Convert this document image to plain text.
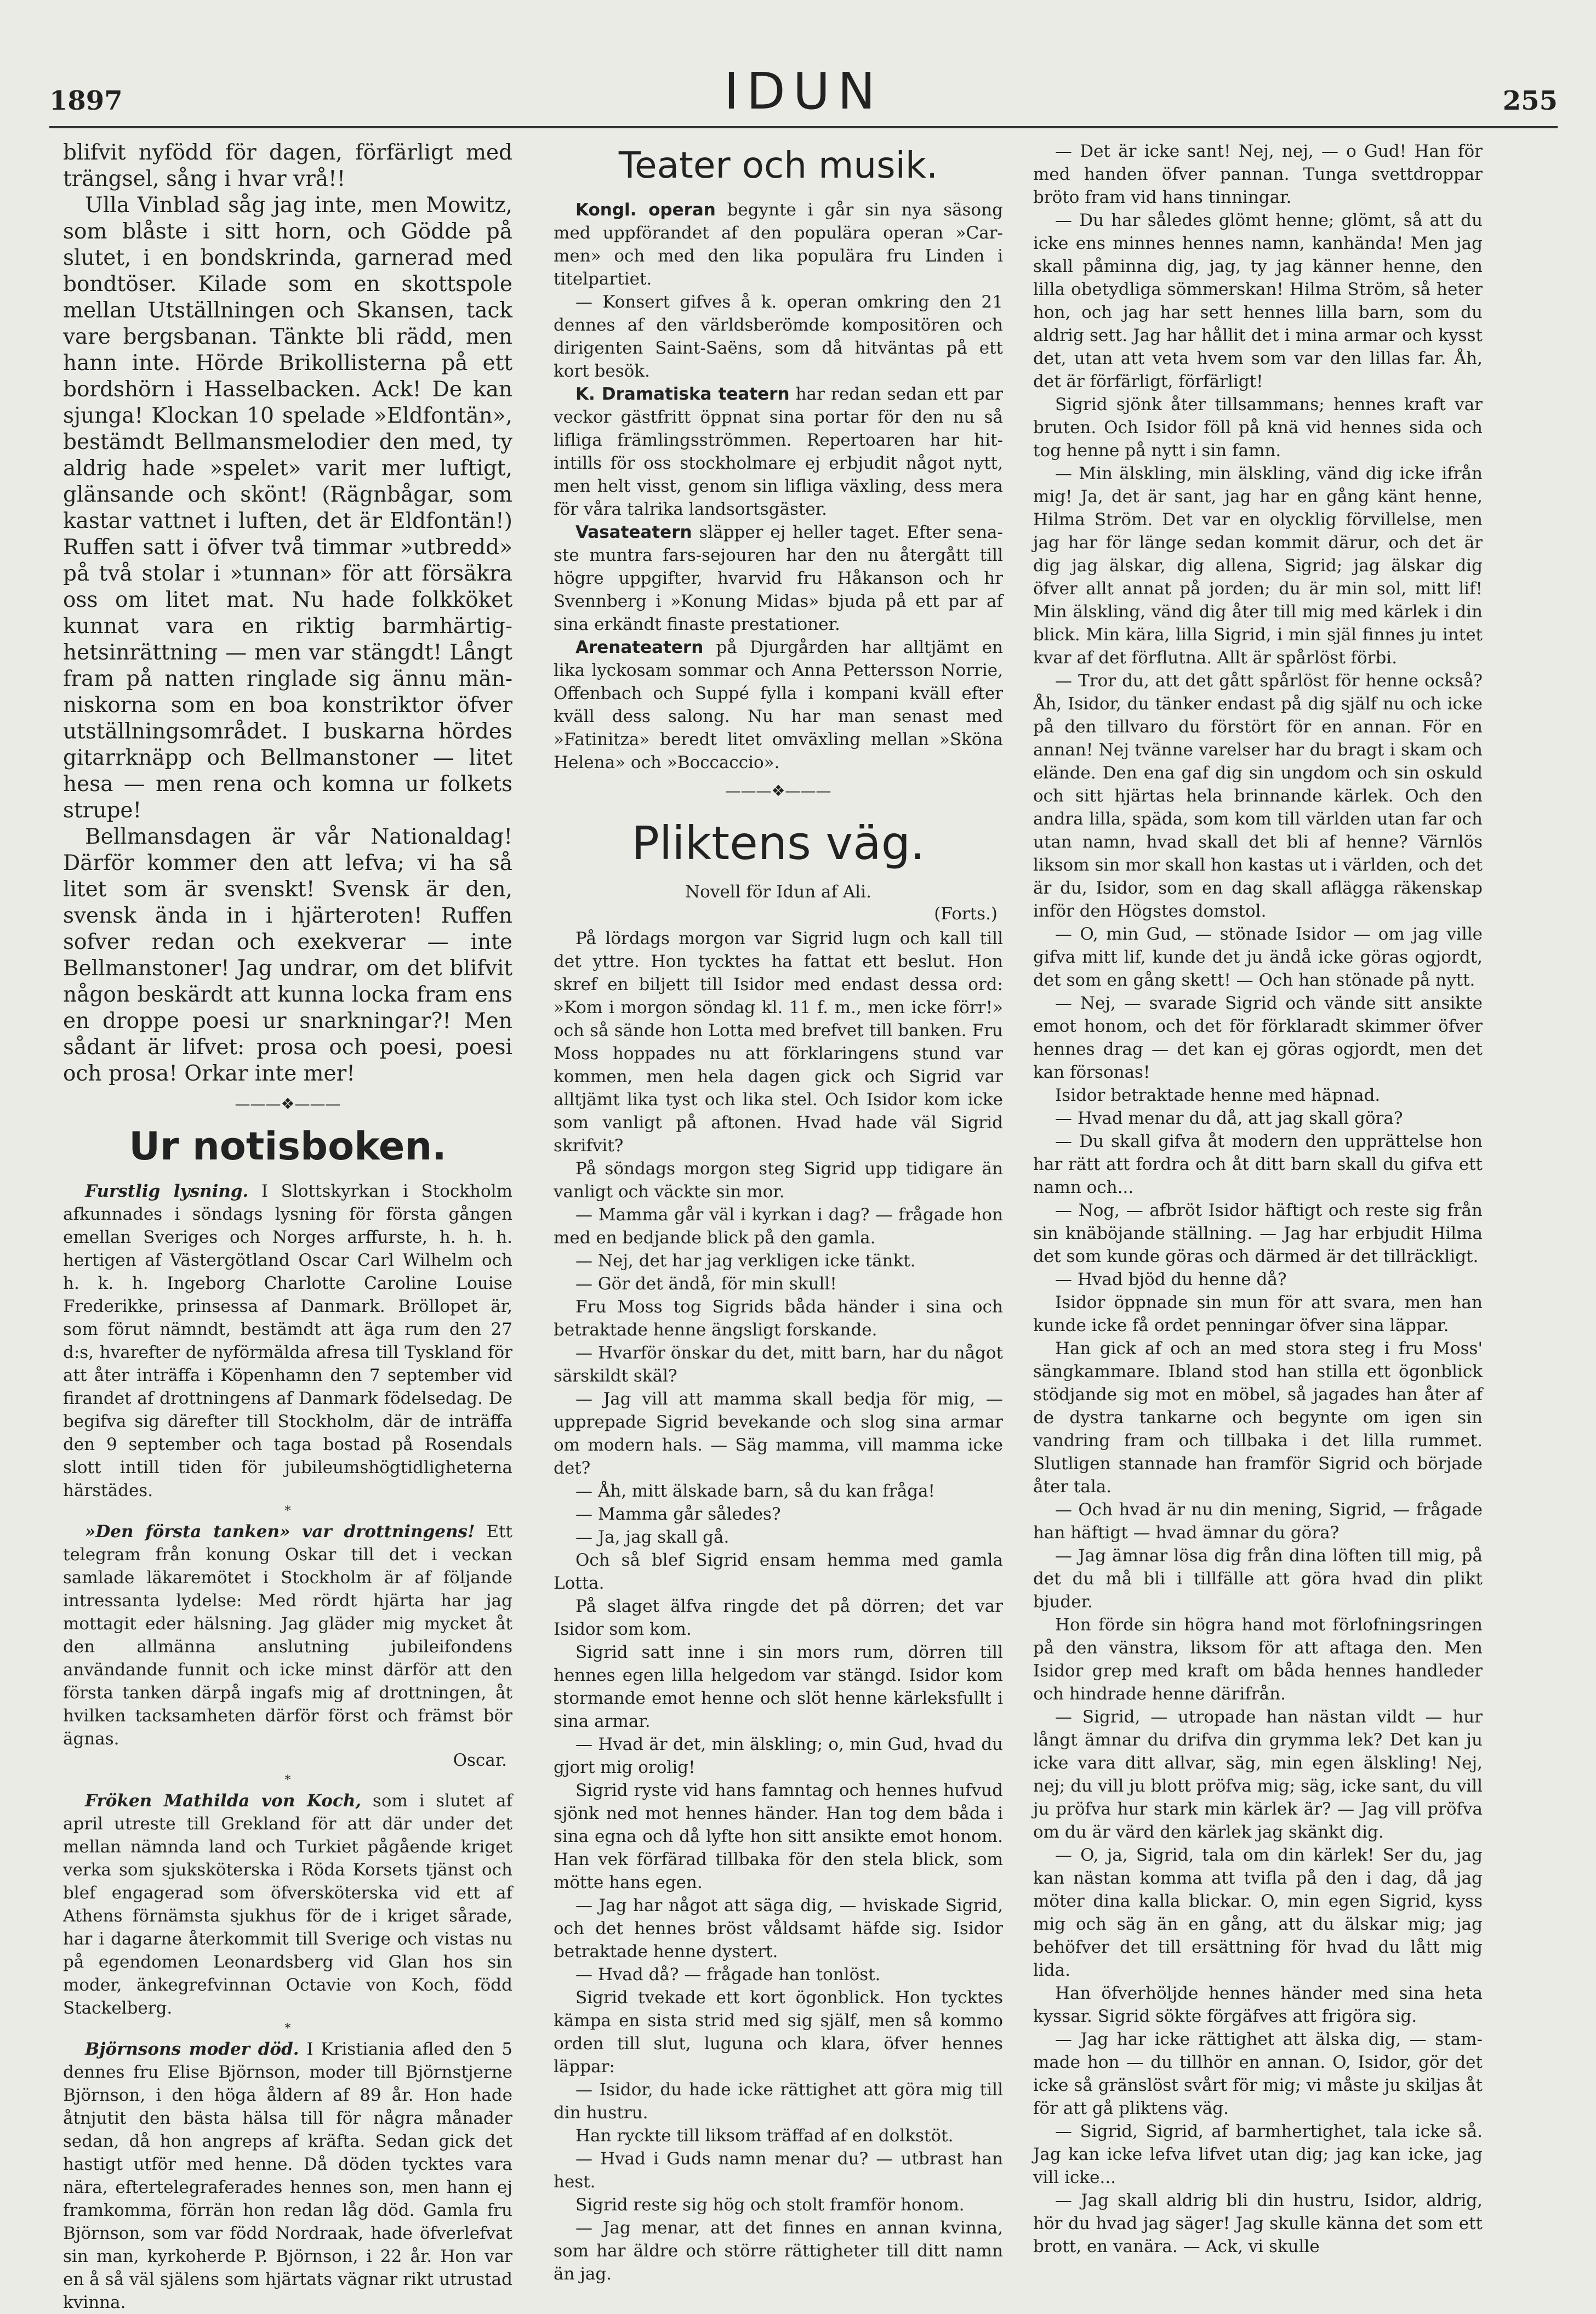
1897	IDUN	255

blifvit nyfödd för dagen, förfärligt med trängsel, sång i hvar vrå!!

Ulla Vinblad såg jag inte, men Mowitz, som blåste i sitt horn, och Gödde på slutet, i en bondskrinda, garnerad med bondtöser. Kilade som en skottspole mellan Utställningen och Skansen, tack vare bergsbanan. Tänkte bli rädd, men hann inte. Hörde Brikollisterna på ett bordshörn i Hasselbacken. Ack! De kan sjunga! Klockan 10 spelade »Eldfontän», bestämdt Bellmansmelodier den med, ty aldrig hade »spelet» varit mer luftigt, glänsande och skönt! (Rägnbågar, som kastar vattnet i luften, det är Eldfontän!) Ruffen satt i öfver två timmar »utbredd» på två stolar i »tunnan» för att försäkra oss om litet mat. Nu hade folkköket kunnat vara en riktig barmhärtighetsinrättning — men var stängdt! Långt fram på natten ringlade sig ännu människorna som en boa konstriktor öfver utställningsområdet. I buskarna hördes gitarrknäpp och Bellmanstoner — litet hesa — men rena och komna ur folkets strupe!

Bellmansdagen är vår Nationaldag! Därför kommer den att lefva; vi ha så litet som är svenskt! Svensk är den, svensk ända in i hjärteroten! Ruffen sofver redan och exekverar — inte Bellmanstoner! Jag undrar, om det blifvit någon beskärdt att kunna locka fram ens en droppe poesi ur snarkningar?! Men sådant är lifvet: prosa och poesi, poesi och prosa! Orkar inte mer!

———❖———
Ur notisboken.

Furstlig lysning. I Slottskyrkan i Stockholm afkunnades i söndags lysning för första gången emellan Sveriges och Norges arffurste, h. h. h. hertigen af Västergötland Oscar Carl Wilhelm och h. k. h. Ingeborg Charlotte Caroline Louise Frederikke, prinsessa af Danmark. Bröllopet är, som förut nämndt, bestämdt att äga rum den 27 d:s, hvarefter de nyförmälda afresa till Tyskland för att åter inträffa i Köpenhamn den 7 september vid firandet af drottningens af Danmark födelsedag. De begifva sig därefter till Stockholm, där de inträffa den 9 september och taga bostad på Rosendals slott intill tiden för jubileumshögtidligheterna härstädes.

*

»Den första tanken» var drottningens! Ett telegram från konung Oskar till det i veckan samlade läkaremötet i Stockholm är af följande intressanta lydelse: Med rördt hjärta har jag mottagit eder hälsning. Jag gläder mig mycket åt den allmänna anslutning jubileifondens användande funnit och icke minst därför att den första tanken därpå ingafs mig af drottningen, åt hvilken tacksamheten därför först och främst bör ägnas.

Oscar.
*

Fröken Mathilda von Koch, som i slutet af april utreste till Grekland för att där under det mellan nämnda land och Turkiet pågående kriget verka som sjuksköterska i Röda Korsets tjänst och blef engagerad som öfversköterska vid ett af Athens förnämsta sjukhus för de i kriget sårade, har i dagarne återkommit till Sverige och vistas nu på egendomen Leonardsberg vid Glan hos sin moder, änkegrefvinnan Octavie von Koch, född Stackelberg.

*

Björnsons moder död. I Kristiania afled den 5 dennes fru Elise Björnson, moder till Björnstjerne Björnson, i den höga åldern af 89 år. Hon hade åtnjutit den bästa hälsa till för några månader sedan, då hon angreps af kräfta. Sedan gick det hastigt utför med henne. Då döden tycktes vara nära, eftertelegraferades hennes son, men hann ej framkomma, förrän hon redan låg död. Gamla fru Björnson, som var född Nordraak, hade öfverlefvat sin man, kyrkoherde P. Björnson, i 22 år. Hon var en å så väl själens som hjärtats vägnar rikt utrustad kvinna.

Teater och musik.

Kongl. operan begynte i går sin nya säsong med uppförandet af den populära operan »Carmen» och med den lika populära fru Linden i titelpartiet.

— Konsert gifves å k. operan omkring den 21 dennes af den världsberömde kompositören och dirigenten Saint-Saëns, som då hitväntas på ett kort besök.

K. Dramatiska teatern har redan sedan ett par veckor gästfritt öppnat sina portar för den nu så lifliga främlingsströmmen. Repertoaren har hitintills för oss stockholmare ej erbjudit något nytt, men helt visst, genom sin lifliga växling, dess mera för våra talrika landsortsgäster.

Vasateatern släpper ej heller taget. Efter senaste muntra fars-sejouren har den nu återgått till högre uppgifter, hvarvid fru Håkanson och hr Svennberg i »Konung Midas» bjuda på ett par af sina erkändt finaste prestationer.

Arenateatern på Djurgården har alltjämt en lika lyckosam sommar och Anna Pettersson Norrie, Offenbach och Suppé fylla i kompani kväll efter kväll dess salong. Nu har man senast med »Fatinitza» beredt litet omväxling mellan »Sköna Helena» och »Boccaccio».

———❖———
Pliktens väg.
Novell för Idun af Ali.
(Forts.)

På lördags morgon var Sigrid lugn och kall till det yttre. Hon tycktes ha fattat ett beslut. Hon skref en biljett till Isidor med endast dessa ord: »Kom i morgon söndag kl. 11 f. m., men icke förr!» och så sände hon Lotta med brefvet till banken. Fru Moss hoppades nu att förklaringens stund var kommen, men hela dagen gick och Sigrid var alltjämt lika tyst och lika stel. Och Isidor kom icke som vanligt på aftonen. Hvad hade väl Sigrid skrifvit?

På söndags morgon steg Sigrid upp tidigare än vanligt och väckte sin mor.

— Mamma går väl i kyrkan i dag? — frågade hon med en bedjande blick på den gamla.

— Nej, det har jag verkligen icke tänkt.

— Gör det ändå, för min skull!

Fru Moss tog Sigrids båda händer i sina och betraktade henne ängsligt forskande.

— Hvarför önskar du det, mitt barn, har du något särskildt skäl?

— Jag vill att mamma skall bedja för mig, — upprepade Sigrid bevekande och slog sina armar om modern hals. — Säg mamma, vill mamma icke det?

— Åh, mitt älskade barn, så du kan fråga!

— Mamma går således?

— Ja, jag skall gå.

Och så blef Sigrid ensam hemma med gamla Lotta.

På slaget älfva ringde det på dörren; det var Isidor som kom.

Sigrid satt inne i sin mors rum, dörren till hennes egen lilla helgedom var stängd. Isidor kom stormande emot henne och slöt henne kärleksfullt i sina armar.

— Hvad är det, min älskling; o, min Gud, hvad du gjort mig orolig!

Sigrid ryste vid hans famntag och hennes hufvud sjönk ned mot hennes händer. Han tog dem båda i sina egna och då lyfte hon sitt ansikte emot honom. Han vek förfärad tillbaka för den stela blick, som mötte hans egen.

— Jag har något att säga dig, — hviskade Sigrid, och det hennes bröst våldsamt häfde sig. Isidor betraktade henne dystert.

— Hvad då? — frågade han tonlöst.

Sigrid tvekade ett kort ögonblick. Hon tycktes kämpa en sista strid med sig själf, men så kommo orden till slut, luguna och klara, öfver hennes läppar:

— Isidor, du hade icke rättighet att göra mig till din hustru.

Han ryckte till liksom träffad af en dolkstöt.

— Hvad i Guds namn menar du? — utbrast han hest.

Sigrid reste sig hög och stolt framför honom.

— Jag menar, att det finnes en annan kvinna, som har äldre och större rättigheter till ditt namn än jag.

— Det är icke sant! Nej, nej, — o Gud! Han för med handen öfver pannan. Tunga svettdroppar bröto fram vid hans tinningar.

— Du har således glömt henne; glömt, så att du icke ens minnes hennes namn, kanhända! Men jag skall påminna dig, jag, ty jag känner henne, den lilla obetydliga sömmerskan! Hilma Ström, så heter hon, och jag har sett hennes lilla barn, som du aldrig sett. Jag har hållit det i mina armar och kysst det, utan att veta hvem som var den lillas far. Åh, det är förfärligt, förfärligt!

Sigrid sjönk åter tillsammans; hennes kraft var bruten. Och Isidor föll på knä vid hennes sida och tog henne på nytt i sin famn.

— Min älskling, min älskling, vänd dig icke ifrån mig! Ja, det är sant, jag har en gång känt henne, Hilma Ström. Det var en olycklig förvillelse, men jag har för länge sedan kommit därur, och det är dig jag älskar, dig allena, Sigrid; jag älskar dig öfver allt annat på jorden; du är min sol, mitt lif! Min älskling, vänd dig åter till mig med kärlek i din blick. Min kära, lilla Sigrid, i min själ finnes ju intet kvar af det förflutna. Allt är spårlöst förbi.

— Tror du, att det gått spårlöst för henne också? Åh, Isidor, du tänker endast på dig själf nu och icke på den tillvaro du förstört för en annan. För en annan! Nej tvänne varelser har du bragt i skam och elände. Den ena gaf dig sin ungdom och sin oskuld och sitt hjärtas hela brinnande kärlek. Och den andra lilla, späda, som kom till världen utan far och utan namn, hvad skall det bli af henne? Värnlös liksom sin mor skall hon kastas ut i världen, och det är du, Isidor, som en dag skall aflägga räkenskap inför den Högstes domstol.

— O, min Gud, — stönade Isidor — om jag ville gifva mitt lif, kunde det ju ändå icke göras ogjordt, det som en gång skett! — Och han stönade på nytt.

— Nej, — svarade Sigrid och vände sitt ansikte emot honom, och det för förklaradt skimmer öfver hennes drag — det kan ej göras ogjordt, men det kan försonas!

Isidor betraktade henne med häpnad.

— Hvad menar du då, att jag skall göra?

— Du skall gifva åt modern den upprättelse hon har rätt att fordra och åt ditt barn skall du gifva ett namn och...

— Nog, — afbröt Isidor häftigt och reste sig från sin knäböjande ställning. — Jag har erbjudit Hilma det som kunde göras och därmed är det tillräckligt.

— Hvad bjöd du henne då?

Isidor öppnade sin mun för att svara, men han kunde icke få ordet penningar öfver sina läppar.

Han gick af och an med stora steg i fru Moss' sängkammare. Ibland stod han stilla ett ögonblick stödjande sig mot en möbel, så jagades han åter af de dystra tankarne och begynte om igen sin vandring fram och tillbaka i det lilla rummet. Slutligen stannade han framför Sigrid och började åter tala.

— Och hvad är nu din mening, Sigrid, — frågade han häftigt — hvad ämnar du göra?

— Jag ämnar lösa dig från dina löften till mig, på det du må bli i tillfälle att göra hvad din plikt bjuder.

Hon förde sin högra hand mot förlofningsringen på den vänstra, liksom för att aftaga den. Men Isidor grep med kraft om båda hennes handleder och hindrade henne därifrån.

— Sigrid, — utropade han nästan vildt — hur långt ämnar du drifva din grymma lek? Det kan ju icke vara ditt allvar, säg, min egen älskling! Nej, nej; du vill ju blott pröfva mig; säg, icke sant, du vill ju pröfva hur stark min kärlek är? — Jag vill pröfva om du är värd den kärlek jag skänkt dig.

— O, ja, Sigrid, tala om din kärlek! Ser du, jag kan nästan komma att tvifla på den i dag, då jag möter dina kalla blickar. O, min egen Sigrid, kyss mig och säg än en gång, att du älskar mig; jag behöfver det till ersättning för hvad du lått mig lida.

Han öfverhöljde hennes händer med sina heta kyssar. Sigrid sökte förgäfves att frigöra sig.

— Jag har icke rättighet att älska dig, — stammade hon — du tillhör en annan. O, Isidor, gör det icke så gränslöst svårt för mig; vi måste ju skiljas åt för att gå pliktens väg.

— Sigrid, Sigrid, af barmhertighet, tala icke så. Jag kan icke lefva lifvet utan dig; jag kan icke, jag vill icke...

— Jag skall aldrig bli din hustru, Isidor, aldrig, hör du hvad jag säger! Jag skulle känna det som ett brott, en vanära. — Ack, vi skulle
